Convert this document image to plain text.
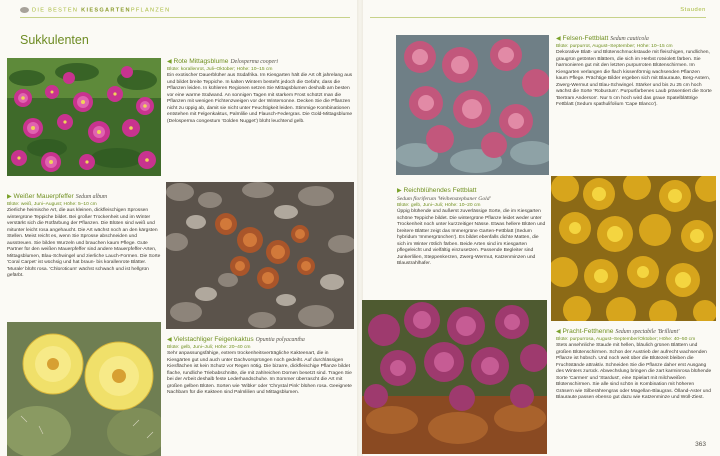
DIE BESTEN KIESGARTENPFLANZEN	Stauden
Sukkulenten
◀ Rote Mittagsblume Delosperma cooperi
Blüte: korallenrot, Juli–Oktober; Höhe: 10–15 cm
Ein exotischer Dauerblüher aus Südafrika. Im Kiesgarten hält die Art oft jahrelang aus und bildet breite Teppiche. In kalten Wintern besteht jedoch die Gefahr, dass die Pflanzen leiden. In kühleren Regionen setzen Sie Mittagsblumen deshalb am besten vor eine warme Südwand. An sonnigen Tagen mit starkem Frost schützt man die Pflanzen mit wenigen Fichtenzweigen vor der Wintersonne. Decken Sie die Pflanzen nicht zu üppig ab, damit sie nicht unter Feuchtigkeit leiden. Stimmige Kombinationen entstehen mit Felgenkaktus, Palmlilie und Flausch-Federgras. Die Gold-Mittagsblume (Delosperma congestum 'Golden Nugget') blüht leuchtend gelb.
▶ Weißer Mauerpfeffer Sedum album
Blüte: weiß, Juni–August; Höhe: 5–10 cm
Zierliche heimische Art, die aus kleinen, dickfleischigen Sprossen wintergrüne Teppiche bildet. Bei großer Trockenheit und im Winter verstärkt sich die Rotfärbung der Pflanzen. Die Blüten sind weiß und mitunter leicht rosa angehaucht. Die Art wächst noch an den kärgsten Stellen. Meist reicht es, wenn Sie Sprosse abschneiden und ausstreuen. Sie bilden Wurzeln und brauchen kaum Pflege. Gute Partner für den weißen Mauerpfeffer sind andere Mauerpfeffer-Arten, Mittagsblumen, Blau-Schwingel und zierliche Lauch-Formen. Die Sorte 'Coral Carpet' ist wüchsig und hat braun- bis korallenrote Blätter. 'Murale' blüht rosa. 'Chloroticum' wächst schwach und ist hellgrün gefärbt.
◀ Vielstachliger Feigenkaktus Opuntia polyacantha
Blüte: gelb, Juni–Juli; Höhe: 20–40 cm
Sehr anpassungsfähige, extrem trockenheitsverträgliche Kakteenart, die in Kiesgärten gut und auch unter Dachvorsprüngen noch gedeiht. Auf durchlässigen Kiesflächen ist kein Schutz vor Regen nötig. Die bizarre, dickfleischige Pflanze bildet flache, rundliche Triebabschnitte, die mit zahlreichen Dornen besetzt sind. Tragen Sie bei der Arbeit deshalb feste Lederhandschuhe. Im Sommer überrascht die Art mit großen gelben Blüten. Sorten wie 'Wibke' oder 'Chrystal Pink' blühen rosa. Geeignete Nachbarn für die Kakteen sind Palmlilien und Mittagsblumen.
◀ Felsen-Fettblatt Sedum cauticola
Blüte: purpurrot, August–September; Höhe: 10–15 cm
Dekorative Blatt- und Blütenschmuckstaude mit fleischigen, rundlichen, graugrün getönten Blättern, die sich im Herbst rotviolett färben. Sie harmonieren gut mit den letzten purpurroten Blütenschirmen. Im Kiesgarten verlangen die flach kissenförmig wachsenden Pflanzen kaum Pflege. Prächtige Bilder ergeben sich mit Blauraute, Berg-Astern, Zwerg-Wermut und Blau-Schwingel. Stärker und bis zu 25 cm hoch wächst die Sorte 'Robustum'. Purpurfarbenes Laub präsentiert die Sorte 'Bertram Anderson'. Nur 5 cm hoch wird das graue Spatelblättrige Fettblatt (Sedum spathulifolium 'Cape Blanco').
▶ Reichblühendes Fettblatt
Sedum floriferum 'Weihenstephaner Gold'
Blüte: gelb, Juni–Juli; Höhe: 10–20 cm
Üppig blühende und äußerst zuverlässige Sorte, die im Kiesgarten schöne Teppiche bildet. Die wintergrüne Pflanze leidet weder unter Trockenheit noch unter kurzzeitiger Nässe. Etwas hellere Blüten und breitere Blätter zeigt das Immergrüne Garten-Fettblatt (Sedum hybridum 'Immergrünchen'). Es bildet ebenfalls dichte Matten, die sich im Winter rötlich färben. Beide Arten sind im Kiesgarten pflegeleicht und vielfältig einzusetzen. Passende Begleiter sind Junkerlilien, Steppenkerzen, Zwerg-Wermut, Katzenminzen und Blaustrahlhafer.
◀ Pracht-Fetthenne Sedum spectabile 'Brilliant'
Blüte: purpurrosa, August–September/Oktober; Höhe: 40–50 cm
Stets ansehnliche Staude mit hellen, bläulich grünen Blättern und großen Blütenschirmen. Schon der Austrieb der aufrecht wachsenden Pflanze ist hübsch. Und noch weit über die Blütezeit bleiben die Fruchtstände attraktiv. Schneiden Sie die Pflanze daher erst Ausgang des Winters zurück. Abwechslung bringen die zart karminrosa blühende Sorte 'Carmen' und 'Stardust', eine Spielart mit milchweißen Blütenschirmen. Sie alle sind schön in Kombination mit höheren Gräsern wie Silberährengras oder Magellan-Blaugras. Ölland-Aster und Blauraute passen ebenso gut dazu wie Katzenminze und Woll-Ziest.
363
